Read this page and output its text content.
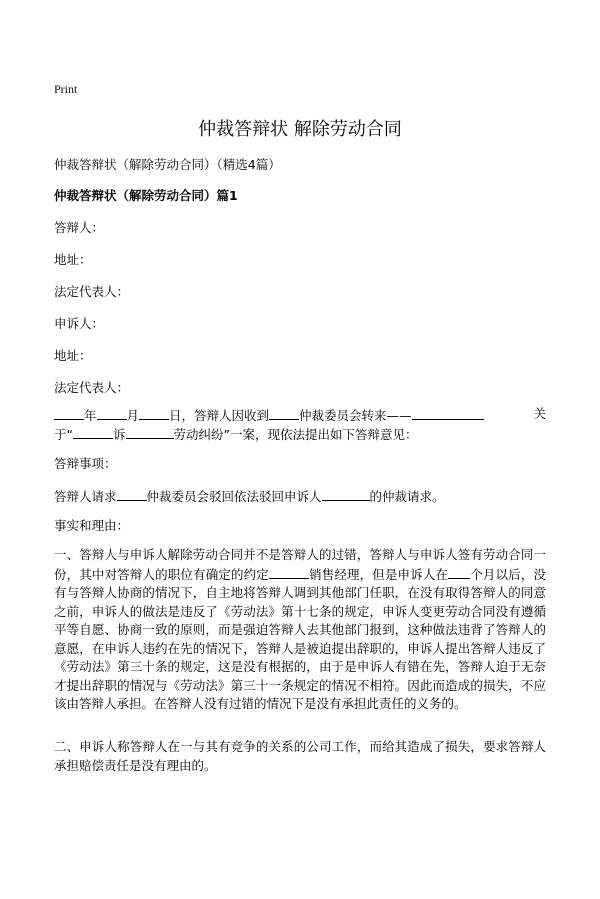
Print
仲裁答辩状 解除劳动合同
仲裁答辩状（解除劳动合同）（精选4篇）
仲裁答辩状（解除劳动合同）篇1
答辩人：
地址：
法定代表人：
申诉人：
地址：
法定代表人：
年 月 日，答辩人因收到 仲裁委员会转来——	关
于“	诉	劳动纠纷”一案，现依法提出如下答辩意见：
答辩事项：
答辩人请求 仲裁委员会驳回依法驳回申诉人	的仲裁请求。
事实和理由：
一、答辩人与申诉人解除劳动合同并不是答辩人的过错，答辩人与申诉人签有劳动合同一份，其中对答辩人的职位有确定的约定	销售经理，但是申诉人在 个月以后，没有与答辩人协商的情况下，自主地将答辩人调到其他部门任职，在没有取得答辩人的同意之前，申诉人的做法是违反了《劳动法》第十七条的规定，申诉人变更劳动合同没有遵循平等自愿、协商一致的原则，而是强迫答辩人去其他部门报到，这种做法违背了答辩人的意愿，在申诉人违约在先的情况下，答辩人是被迫提出辞职的，申诉人提出答辩人违反了《劳动法》第三十条的规定，这是没有根据的，由于是申诉人有错在先，答辩人迫于无奈才提出辞职的情况与《劳动法》第三十一条规定的情况不相符。因此而造成的损失，不应该由答辩人承担。在答辩人没有过错的情况下是没有承担此责任的义务的。
二、申诉人称答辩人在一与其有竞争的关系的公司工作，而给其造成了损失，要求答辩人承担赔偿责任是没有理由的。
